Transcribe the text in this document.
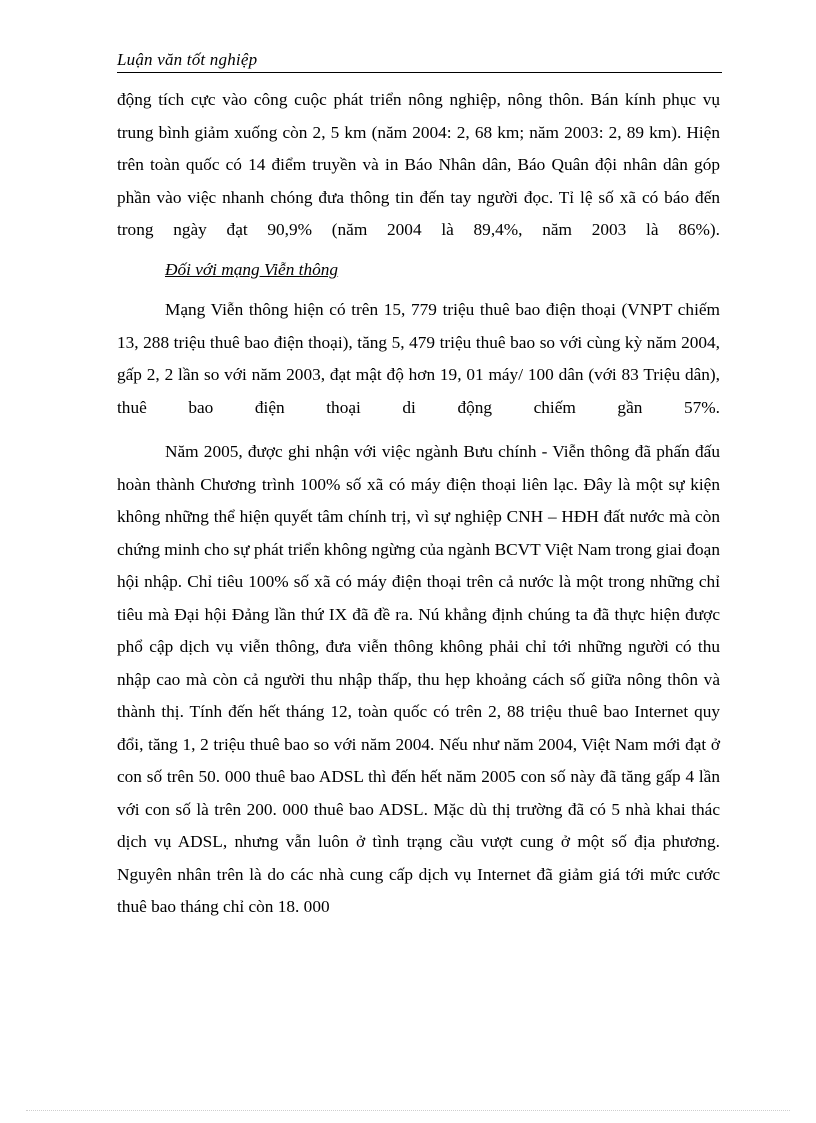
Luận văn tốt nghiệp

động tích cực vào công cuộc phát triển nông nghiệp, nông thôn. Bán kính phục vụ trung bình giảm xuống còn 2, 5 km (năm 2004: 2, 68 km; năm 2003: 2, 89 km). Hiện trên toàn quốc có 14 điểm truyền và in Báo Nhân dân, Báo Quân đội nhân dân góp phần vào việc nhanh chóng đưa thông tin đến tay người đọc. Tỉ lệ số xã có báo đến trong ngày đạt 90,9% (năm 2004 là 89,4%, năm 2003 là 86%).

Đối với mạng Viễn thông

Mạng Viễn thông hiện có trên 15, 779 triệu thuê bao điện thoại (VNPT chiếm 13, 288 triệu thuê bao điện thoại), tăng 5, 479 triệu thuê bao so với cùng kỳ năm 2004, gấp 2, 2 lần so với năm 2003, đạt mật độ hơn 19, 01 máy/ 100 dân (với 83 Triệu dân), thuê bao điện thoại di động chiếm gần 57%.

Năm 2005, được ghi nhận với việc ngành Bưu chính - Viễn thông đã phấn đấu hoàn thành Chương trình 100% số xã có máy điện thoại liên lạc. Đây là một sự kiện không những thể hiện quyết tâm chính trị, vì sự nghiệp CNH – HĐH đất nước mà còn chứng minh cho sự phát triển không ngừng của ngành BCVT Việt Nam trong giai đoạn hội nhập. Chỉ tiêu 100% số xã có máy điện thoại trên cả nước là một trong những chỉ tiêu mà Đại hội Đảng lần thứ IX đã đề ra. Nú khẳng định chúng ta đã thực hiện được phổ cập dịch vụ viễn thông, đưa viễn thông không phải chỉ tới những người có thu nhập cao mà còn cả người thu nhập thấp, thu hẹp khoảng cách số giữa nông thôn và thành thị. Tính đến hết tháng 12, toàn quốc có trên 2, 88 triệu thuê bao Internet quy đổi, tăng 1, 2 triệu thuê bao so với năm 2004. Nếu như năm 2004, Việt Nam mới đạt ở con số trên 50. 000 thuê bao ADSL thì đến hết năm 2005 con số này đã tăng gấp 4 lần với con số là trên 200. 000 thuê bao ADSL. Mặc dù thị trường đã có 5 nhà khai thác dịch vụ ADSL, nhưng vẫn luôn ở tình trạng cầu vượt cung ở một số địa phương. Nguyên nhân trên là do các nhà cung cấp dịch vụ Internet đã giảm giá tới mức cước thuê bao tháng chỉ còn 18. 000
